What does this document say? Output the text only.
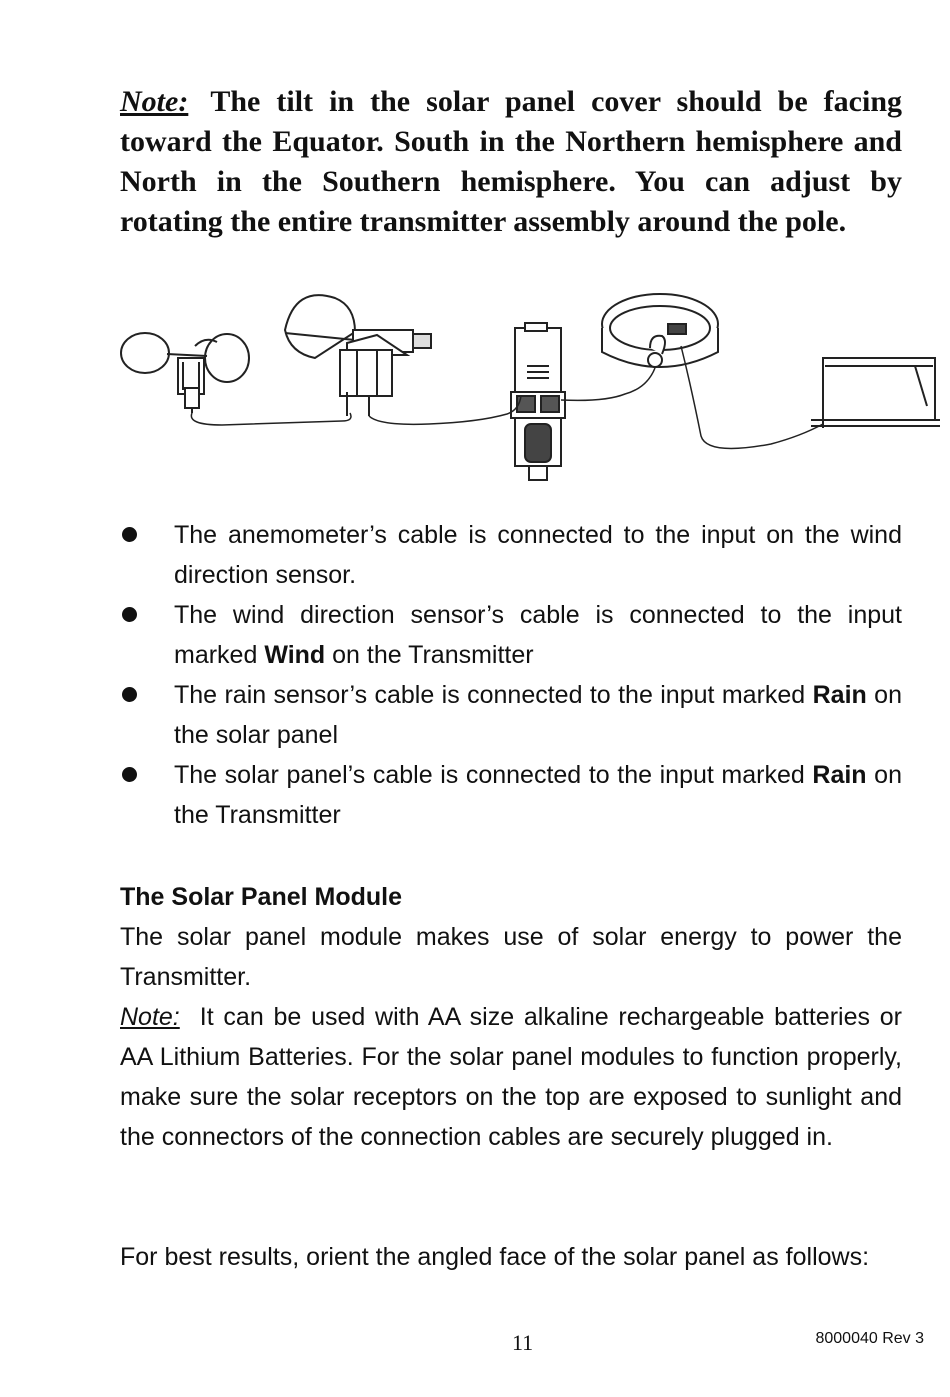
Note: The tilt in the solar panel cover should be facing toward the Equator. South in the Northern hemisphere and North in the Southern hemisphere. You can adjust by rotating the entire transmitter assembly around the pole.
The anemometer’s cable is connected to the input on the wind direction sensor.
The wind direction sensor’s cable is connected to the input marked Wind on the Transmitter
The rain sensor’s cable is connected to the input marked Rain on the solar panel
The solar panel’s cable is connected to the input marked Rain on the Transmitter
The Solar Panel Module

The solar panel module makes use of solar energy to power the Transmitter.

Note: It can be used with AA size alkaline rechargeable batteries or AA Lithium Batteries. For the solar panel modules to function properly, make sure the solar receptors on the top are exposed to sunlight and the connectors of the connection cables are securely plugged in.

For best results, orient the angled face of the solar panel as follows:

11	8000040 Rev 3
